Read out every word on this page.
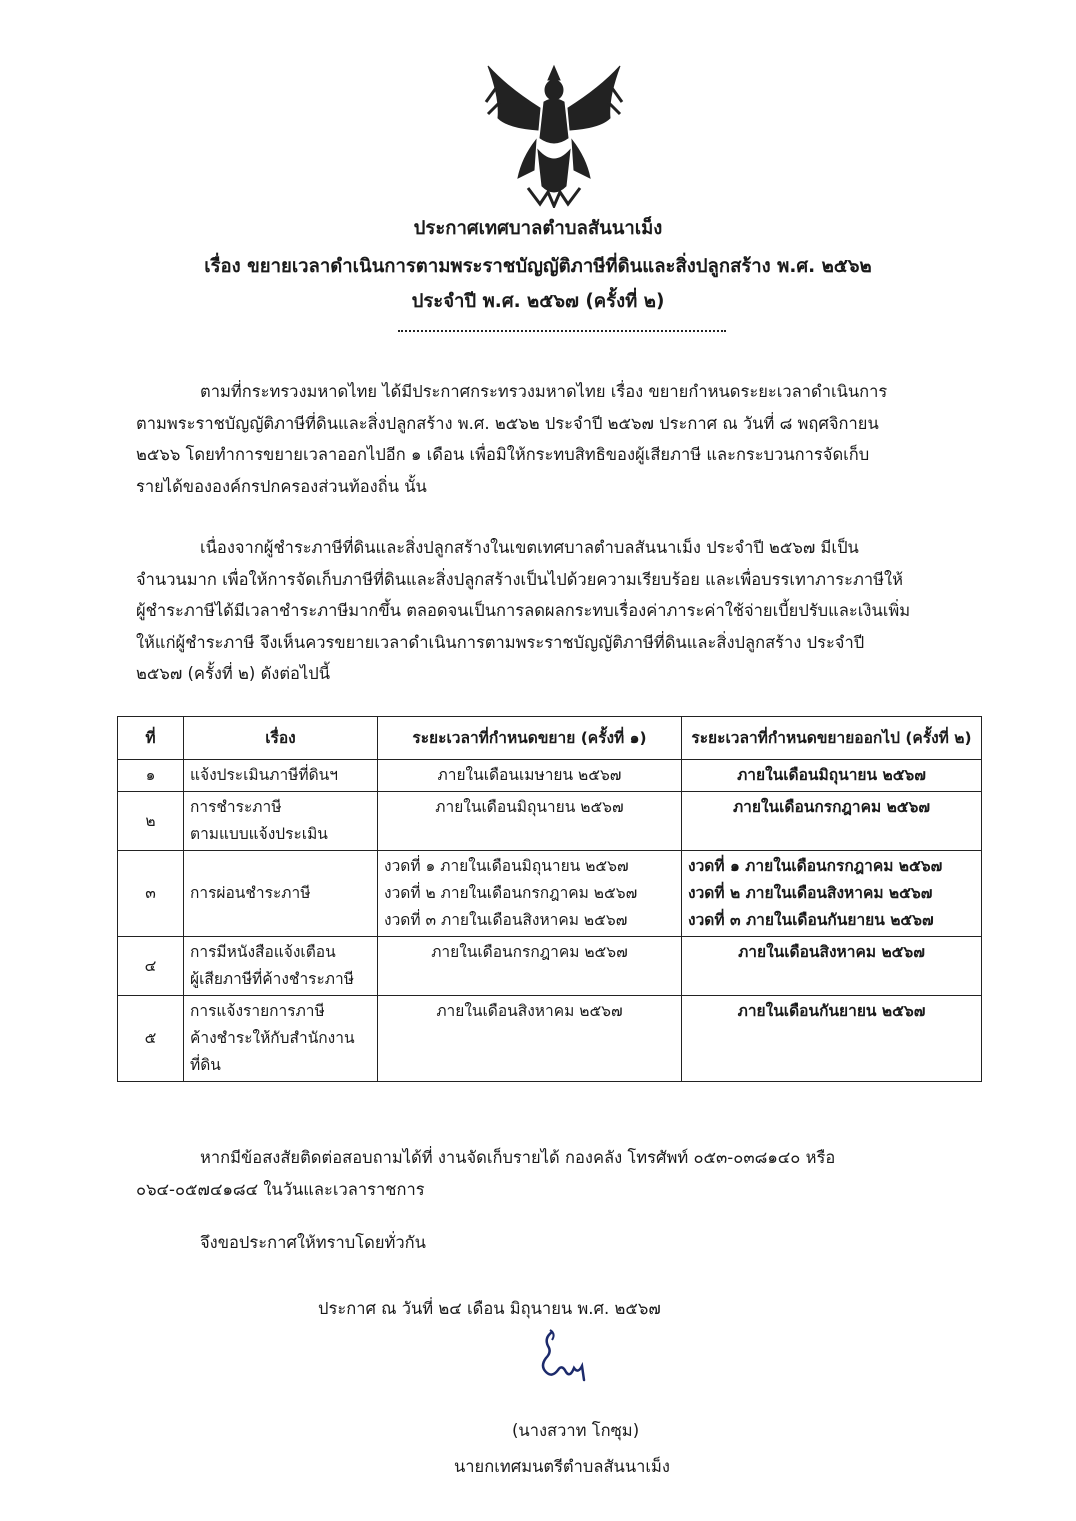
ประกาศเทศบาลตำบลสันนาเม็ง
เรื่อง ขยายเวลาดำเนินการตามพระราชบัญญัติภาษีที่ดินและสิ่งปลูกสร้าง พ.ศ. ๒๕๖๒
ประจำปี พ.ศ. ๒๕๖๗ (ครั้งที่ ๒)

ตามที่กระทรวงมหาดไทย ได้มีประกาศกระทรวงมหาดไทย เรื่อง ขยายกำหนดระยะเวลาดำเนินการ
ตามพระราชบัญญัติภาษีที่ดินและสิ่งปลูกสร้าง พ.ศ. ๒๕๖๒ ประจำปี ๒๕๖๗ ประกาศ ณ วันที่ ๘ พฤศจิกายน
๒๕๖๖ โดยทำการขยายเวลาออกไปอีก ๑ เดือน เพื่อมิให้กระทบสิทธิของผู้เสียภาษี และกระบวนการจัดเก็บ
รายได้ขององค์กรปกครองส่วนท้องถิ่น นั้น

เนื่องจากผู้ชำระภาษีที่ดินและสิ่งปลูกสร้างในเขตเทศบาลตำบลสันนาเม็ง ประจำปี ๒๕๖๗ มีเป็น
จำนวนมาก เพื่อให้การจัดเก็บภาษีที่ดินและสิ่งปลูกสร้างเป็นไปด้วยความเรียบร้อย และเพื่อบรรเทาภาระภาษีให้
ผู้ชำระภาษีได้มีเวลาชำระภาษีมากขึ้น ตลอดจนเป็นการลดผลกระทบเรื่องค่าภาระค่าใช้จ่ายเบี้ยปรับและเงินเพิ่ม
ให้แก่ผู้ชำระภาษี จึงเห็นควรขยายเวลาดำเนินการตามพระราชบัญญัติภาษีที่ดินและสิ่งปลูกสร้าง ประจำปี
๒๕๖๗ (ครั้งที่ ๒) ดังต่อไปนี้

ที่	เรื่อง	ระยะเวลาที่กำหนดขยาย (ครั้งที่ ๑)	ระยะเวลาที่กำหนดขยายออกไป (ครั้งที่ ๒)
๑	แจ้งประเมินภาษีที่ดินฯ	ภายในเดือนเมษายน ๒๕๖๗	ภายในเดือนมิถุนายน ๒๕๖๗

๒	การชำระภาษี
ตามแบบแจ้งประเมิน	ภายในเดือนมิถุนายน ๒๕๖๗	ภายในเดือนกรกฎาคม ๒๕๖๗

๓	การผ่อนชำระภาษี	งวดที่ ๑ ภายในเดือนมิถุนายน ๒๕๖๗
งวดที่ ๒ ภายในเดือนกรกฎาคม ๒๕๖๗
งวดที่ ๓ ภายในเดือนสิงหาคม ๒๕๖๗	งวดที่ ๑ ภายในเดือนกรกฎาคม ๒๕๖๗
งวดที่ ๒ ภายในเดือนสิงหาคม ๒๕๖๗
งวดที่ ๓ ภายในเดือนกันยายน ๒๕๖๗

๔	การมีหนังสือแจ้งเตือน
ผู้เสียภาษีที่ค้างชำระภาษี	ภายในเดือนกรกฎาคม ๒๕๖๗	ภายในเดือนสิงหาคม ๒๕๖๗

๕	การแจ้งรายการภาษี
ค้างชำระให้กับสำนักงาน
ที่ดิน	ภายในเดือนสิงหาคม ๒๕๖๗	ภายในเดือนกันยายน ๒๕๖๗

หากมีข้อสงสัยติดต่อสอบถามได้ที่ งานจัดเก็บรายได้ กองคลัง โทรศัพท์ ๐๕๓-๐๓๘๑๔๐ หรือ
๐๖๔-๐๕๗๔๑๘๔ ในวันและเวลาราชการ

จึงขอประกาศให้ทราบโดยทั่วกัน

ประกาศ ณ วันที่ ๒๔ เดือน มิถุนายน พ.ศ. ๒๕๖๗
(นางสวาท โกซุม)
นายกเทศมนตรีตำบลสันนาเม็ง
